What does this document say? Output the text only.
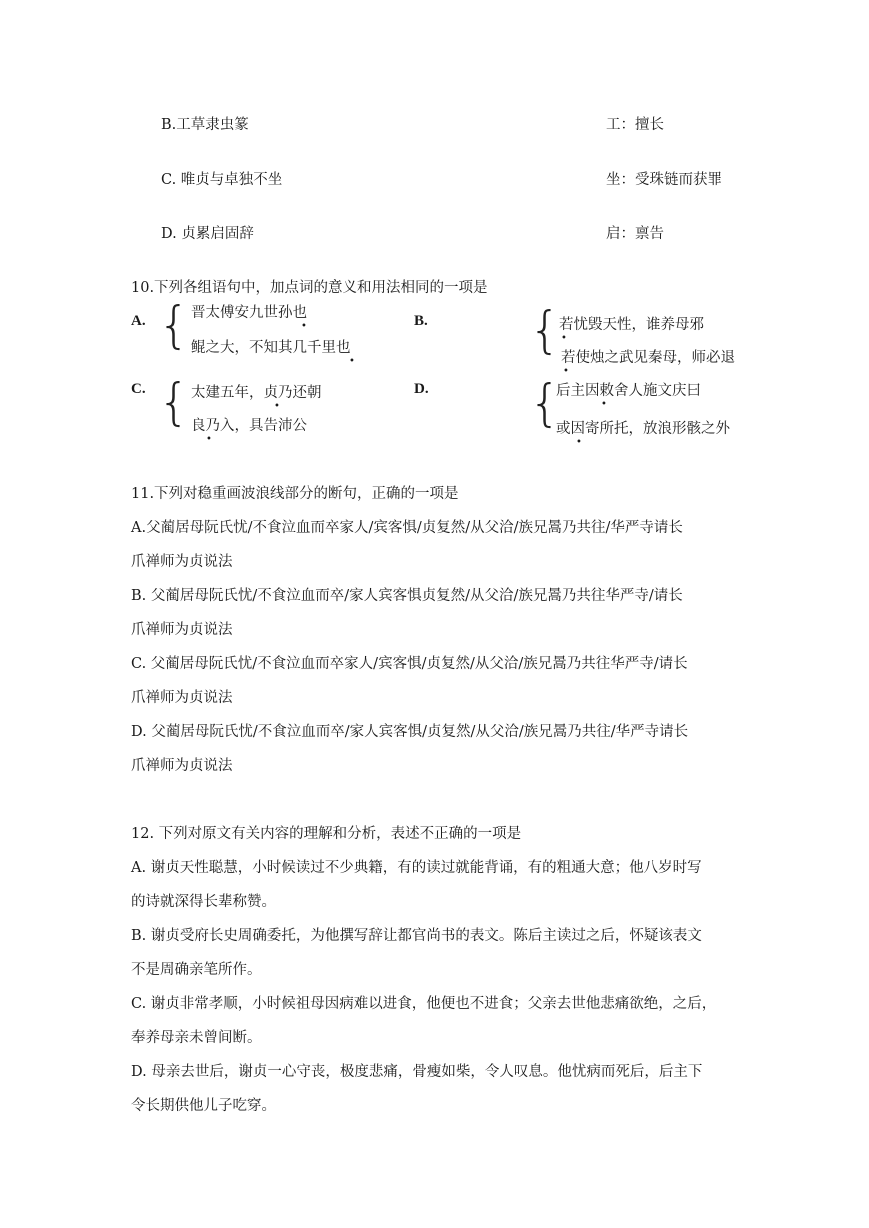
B.工草隶虫篆	工：擅长
C. 唯贞与卓独不坐	坐：受珠链而获罪
D. 贞累启固辞	启：禀告
10.下列各组语句中，加点词的意义和用法相同的一项是
A. { 晋太傅安九世孙也
鲲之大，不知其几千里也
•
•
B. {
若忧毁天性，谁养母邪
若使烛之武见秦母，师必退
•
•
C. { 太建五年，贞乃还朝
良乃入，具告沛公
•
•
D. {
后主因敕舍人施文庆曰
或因寄所托，放浪形骸之外
•
•
11.下列对稳重画波浪线部分的断句，正确的一项是
A.父蔺居母阮氏忧/不食泣血而卒家人/宾客惧/贞复然/从父洽/族兄暠乃共往/华严寺请长
爪禅师为贞说法
B. 父蔺居母阮氏忧/不食泣血而卒/家人宾客惧贞复然/从父洽/族兄暠乃共往华严寺/请长
爪禅师为贞说法
C. 父蔺居母阮氏忧/不食泣血而卒家人/宾客惧/贞复然/从父洽/族兄暠乃共往华严寺/请长
爪禅师为贞说法
D. 父蔺居母阮氏忧/不食泣血而卒/家人宾客惧/贞复然/从父洽/族兄暠乃共往/华严寺请长
爪禅师为贞说法
12. 下列对原文有关内容的理解和分析，表述不正确的一项是
A. 谢贞天性聪慧，小时候读过不少典籍，有的读过就能背诵，有的粗通大意；他八岁时写
的诗就深得长辈称赞。
B. 谢贞受府长史周确委托，为他撰写辞让都官尚书的表文。陈后主读过之后，怀疑该表文
不是周确亲笔所作。
C. 谢贞非常孝顺，小时候祖母因病难以进食，他便也不进食；父亲去世他悲痛欲绝，之后，
奉养母亲未曾间断。
D. 母亲去世后，谢贞一心守丧，极度悲痛，骨瘦如柴，令人叹息。他忧病而死后，后主下
令长期供他儿子吃穿。
